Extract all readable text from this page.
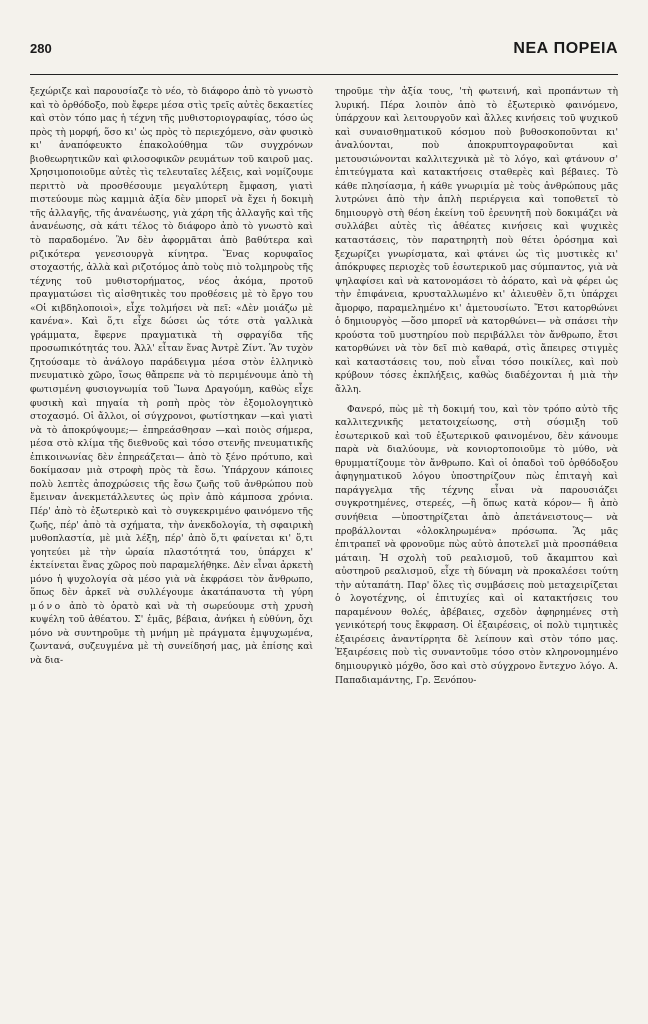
280	ΝΕΑ ΠΟΡΕΙΑ

ξεχώριζε καὶ παρουσίαζε τὸ νέο, τὸ διάφορο ἀπὸ τὸ γνωστὸ καὶ τὸ ὀρθόδοξο, ποὺ ἔφερε μέσα στὶς τρεῖς αὐτὲς δεκαετίες καὶ στὸν τόπο μας ἡ τέχνη τῆς μυθιστοριογραφίας, τόσο ὡς πρὸς τὴ μορφή, ὅσο κι' ὡς πρὸς τὸ περιεχόμενο, σὰν φυσικὸ κι' ἀναπόφευκτο ἐπακολούθημα τῶν συγχρόνων βιοθεωρητικῶν καὶ φιλοσοφικῶν ρευμάτων τοῦ καιροῦ μας. Χρησιμοποιοῦμε αὐτὲς τὶς τελευταῖες λέξεις, καὶ νομίζουμε περιττὸ νὰ προσθέσουμε μεγαλύτερη ἔμφαση, γιατὶ πιστεύουμε πὼς καμμιὰ ἀξία δὲν μπορεῖ νὰ ἔχει ἡ δοκιμὴ τῆς ἀλλαγῆς, τῆς ἀνανέωσης, γιὰ χάρη τῆς ἀλλαγῆς καὶ τῆς ἀνανέωσης, σὰ κάτι τέλος τὸ διάφορο ἀπὸ τὸ γνωστὸ καὶ τὸ παραδομένο. Ἂν δὲν ἀφορμᾶται ἀπὸ βαθύτερα καὶ ριζικότερα γενεσιουργὰ κίνητρα. Ἕνας κορυφαῖος στοχαστής, ἀλλὰ καὶ ριζοτόμος ἀπὸ τοὺς πιὸ τολμηροὺς τῆς τέχνης τοῦ μυθιστορήματος, νέος ἀκόμα, προτοῦ πραγματώσει τὶς αἰσθητικὲς του προθέσεις μὲ τὸ ἔργο του «Οἱ κιβδηλοποιοὶ», εἶχε τολμήσει νὰ πεῖ: «Δὲν μοιάζω μὲ κανένα». Καὶ ὅ,τι εἶχε δώσει ὡς τότε στὰ γαλλικὰ γράμματα, ἔφερνε πραγματικὰ τὴ σφραγίδα τῆς προσωπικότητάς του. Ἀλλ' εἶταν ἕνας Ἀντρὲ Ζίντ. Ἂν τυχὸν ζητούσαμε τὸ ἀνάλογο παράδειγμα μέσα στὸν ἑλληνικὸ πνευματικὸ χῶρο, ἴσως θἄπρεπε νὰ τὸ περιμένουμε ἀπὸ τὴ φωτισμένη φυσιογνωμία τοῦ Ἴωνα Δραγούμη, καθὼς εἶχε φυσικὴ καὶ πηγαία τὴ ροπὴ πρὸς τὸν ἐξομολογητικὸ στοχασμό. Οἱ ἄλλοι, οἱ σύγχρονοι, φωτίστηκαν —καὶ γιατὶ νὰ τὸ ἀποκρύψουμε;— ἐπηρεάσθησαν —καὶ ποιὸς σήμερα, μέσα στὸ κλίμα τῆς διεθνοῦς καὶ τόσο στενῆς πνευματικῆς ἐπικοινωνίας δὲν ἐπηρεάζεται— ἀπὸ τὸ ξένο πρότυπο, καὶ δοκίμασαν μιὰ στροφὴ πρὸς τὰ ἔσω. Ὑπάρχουν κάποιες πολὺ λεπτὲς ἀποχρώσεις τῆς ἔσω ζωῆς τοῦ ἀνθρώπου ποὺ ἔμειναν ἀνεκμετάλλευτες ὡς πρὶν ἀπὸ κάμποσα χρόνια. Πέρ' ἀπὸ τὸ ἐξωτερικὸ καὶ τὸ συγκεκριμένο φαινόμενο τῆς ζωῆς, πέρ' ἀπὸ τὰ σχήματα, τὴν ἀνεκδολογία, τὴ σφαιρικὴ μυθοπλαστία, μὲ μιὰ λέξη, πέρ' ἀπὸ ὅ,τι φαίνεται κι' ὅ,τι γοητεύει μὲ τὴν ὡραία πλαστότητά του, ὑπάρχει κ' ἐκτείνεται ἕνας χῶρος ποὺ παραμελήθηκε. Δὲν εἶναι ἀρκετὴ μόνο ἡ ψυχολογία σὰ μέσο γιὰ νὰ ἐκφράσει τὸν ἄνθρωπο, ὅπως δὲν ἀρκεῖ νὰ συλλέγουμε ἀκατάπαυστα τὴ γύρη μόνο ἀπὸ τὸ ὁρατὸ καὶ νὰ τὴ σωρεύουμε στὴ χρυσὴ κυψέλη τοῦ ἀθέατου. Σ' ἐμᾶς, βέβαια, ἀνήκει ἡ εὐθύνη, ὄχι μόνο νὰ συντηροῦμε τὴ μνήμη μὲ πράγματα ἐμψυχωμένα, ζωντανά, συζευγμένα μὲ τὴ συνείδησή μας, μὰ ἐπίσης καὶ νὰ δια-

τηροῦμε τὴν ἀξία τους, 'τὴ φωτεινή, καὶ προπάντων τὴ λυρική. Πέρα λοιπὸν ἀπὸ τὸ ἐξωτερικὸ φαινόμενο, ὑπάρχουν καὶ λειτουργοῦν καὶ ἄλλες κινήσεις τοῦ ψυχικοῦ καὶ συναισθηματικοῦ κόσμου ποὺ βυθοσκοποῦνται κι' ἀναλύονται, ποὺ ἀποκρυπτογραφοῦνται καὶ μετουσιώνονται καλλιτεχνικὰ μὲ τὸ λόγο, καὶ φτάνουν σ' ἐπιτεύγματα καὶ κατακτήσεις σταθερὲς καὶ βέβαιες. Τὸ κάθε πλησίασμα, ἡ κάθε γνωριμία μὲ τοὺς ἀνθρώπους μᾶς λυτρώνει ἀπὸ τὴν ἁπλὴ περιέργεια καὶ τοποθετεῖ τὸ δημιουργὸ στὴ θέση ἐκείνη τοῦ ἐρευνητῆ ποὺ δοκιμάζει νὰ συλλάβει αὐτὲς τὶς ἀθέατες κινήσεις καὶ ψυχικὲς καταστάσεις, τὸν παρατηρητὴ ποὺ θέτει ὀρόσημα καὶ ξεχωρίζει γνωρίσματα, καὶ φτάνει ὡς τὶς μυστικὲς κι' ἀπόκρυφες περιοχὲς τοῦ ἐσωτερικοῦ μας σύμπαντος, γιὰ νὰ ψηλαφίσει καὶ νὰ κατονομάσει τὸ ἀόρατο, καὶ νὰ φέρει ὡς τὴν ἐπιφάνεια, κρυσταλλωμένο κι' ἁλιευθὲν ὅ,τι ὑπάρχει ἄμορφο, παραμελημένο κι' ἀμετουσίωτο. Ἔτσι κατορθώνει ὁ δημιουργὸς —ὅσο μπορεῖ νὰ κατορθώνει— νὰ σπάσει τὴν κρούστα τοῦ μυστηρίου ποὺ περιβάλλει τὸν ἄνθρωπο, ἔτσι κατορθώνει νὰ τὸν δεῖ πιὸ καθαρά, στὶς ἄπειρες στιγμὲς καὶ καταστάσεις του, ποὺ εἶναι τόσο ποικίλες, καὶ ποὺ κρύβουν τόσες ἐκπλήξεις, καθὼς διαδέχονται ἡ μιὰ τὴν ἄλλη.

Φανερό, πὼς μὲ τὴ δοκιμή του, καὶ τὸν τρόπο αὐτὸ τῆς καλλιτεχνικῆς μετατοιχείωσης, στὴ σύσμιξη τοῦ ἐσωτερικοῦ καὶ τοῦ ἐξωτερικοῦ φαινομένου, δὲν κάνουμε παρὰ νὰ διαλύουμε, νὰ κονιορτοποιοῦμε τὸ μύθο, νὰ θρυμματίζουμε τὸν ἄνθρωπο. Καὶ οἱ ὀπαδοὶ τοῦ ὀρθόδοξου ἀφηγηματικοῦ λόγου ὑποστηρίζουν πὼς ἐπιταγὴ καὶ παράγγελμα τῆς τέχνης εἶναι νὰ παρουσιάζει συγκροτημένες, στερεές, —ἢ ὅπως κατὰ κόρον— ἢ ἀπὸ συνήθεια —ὑποστηρίζεται ἀπὸ ἀπετάνειστους— νὰ προβάλλονται «ὁλοκληρωμένα» πρόσωπα. Ἂς μᾶς ἐπιτραπεῖ νὰ φρονοῦμε πὼς αὐτὸ ἀποτελεῖ μιὰ προσπάθεια μάταιη. Ἡ σχολὴ τοῦ ρεαλισμοῦ, τοῦ ἄκαμπτου καὶ αὐστηροῦ ρεαλισμοῦ, εἶχε τὴ δύναμη νὰ προκαλέσει τούτη τὴν αὐταπάτη. Παρ' ὅλες τὶς συμβάσεις ποὺ μεταχειρίζεται ὁ λογοτέχνης, οἱ ἐπιτυχίες καὶ οἱ κατακτήσεις του παραμένουν θολές, ἀβέβαιες, σχεδὸν ἀφηρημένες στὴ γενικότερή τους ἔκφραση. Οἱ ἐξαιρέσεις, οἱ πολὺ τιμητικὲς ἐξαιρέσεις ἀναντίρρητα δὲ λείπουν καὶ στὸν τόπο μας. Ἐξαιρέσεις ποὺ τὶς συναντοῦμε τόσο στὸν κληρονομημένο δημιουργικὸ μόχθο, ὅσο καὶ στὸ σύγχρονο ἔντεχνο λόγο. Α. Παπαδιαμάντης, Γρ. Ξενόπου-
